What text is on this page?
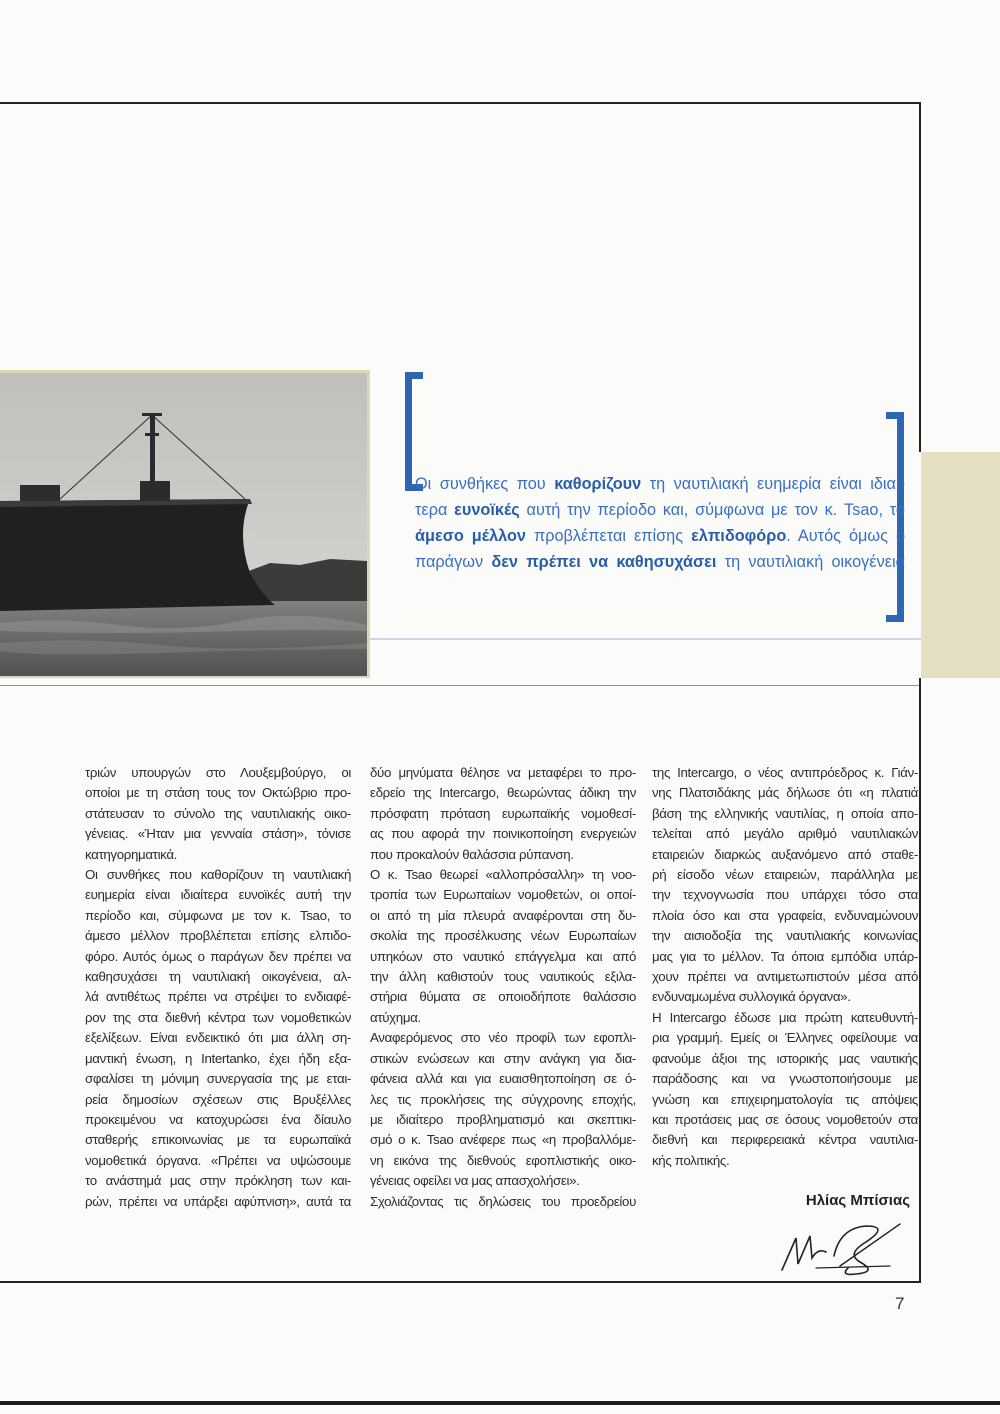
Οι συνθήκες που καθορίζουν τη ναυτιλιακή ευημερία είναι ιδιαί-
τερα ευνοϊκές αυτή την περίοδο και, σύμφωνα με τον κ. Tsao, το
άμεσο μέλλον προβλέπεται επίσης ελπιδοφόρο. Αυτός όμως ο
παράγων δεν πρέπει να καθησυχάσει τη ναυτιλιακή οικογένεια
τριών υπουργών στο Λουξεμβούργο, οι
οποίοι με τη στάση τους τον Οκτώβριο προ-
στάτευσαν το σύνολο της ναυτιλιακής οικο-
γένειας. «Ήταν μια γενναία στάση», τόνισε
κατηγορηματικά.
Οι συνθήκες που καθορίζουν τη ναυτιλιακή
ευημερία είναι ιδιαίτερα ευνοϊκές αυτή την
περίοδο και, σύμφωνα με τον κ. Tsao, το
άμεσο μέλλον προβλέπεται επίσης ελπιδο-
φόρο. Αυτός όμως ο παράγων δεν πρέπει να
καθησυχάσει τη ναυτιλιακή οικογένεια, αλ-
λά αντιθέτως πρέπει να στρέψει το ενδιαφέ-
ρον της στα διεθνή κέντρα των νομοθετικών
εξελίξεων. Είναι ενδεικτικό ότι μια άλλη ση-
μαντική ένωση, η Intertanko, έχει ήδη εξα-
σφαλίσει τη μόνιμη συνεργασία της με εται-
ρεία δημοσίων σχέσεων στις Βρυξέλλες
προκειμένου να κατοχυρώσει ένα δίαυλο
σταθερής επικοινωνίας με τα ευρωπαϊκά
νομοθετικά όργανα. «Πρέπει να υψώσουμε
το ανάστημά μας στην πρόκληση των και-
ρών, πρέπει να υπάρξει αφύπνιση», αυτά τα
δύο μηνύματα θέλησε να μεταφέρει το προ-
εδρείο της Intercargo, θεωρώντας άδικη την
πρόσφατη πρόταση ευρωπαϊκής νομοθεσί-
ας που αφορά την ποινικοποίηση ενεργειών
που προκαλούν θαλάσσια ρύπανση.
Ο κ. Tsao θεωρεί «αλλοπρόσαλλη» τη νοο-
τροπία των Ευρωπαίων νομοθετών, οι οποί-
οι από τη μία πλευρά αναφέρονται στη δυ-
σκολία της προσέλκυσης νέων Ευρωπαίων
υπηκόων στο ναυτικό επάγγελμα και από
την άλλη καθιστούν τους ναυτικούς εξιλα-
στήρια θύματα σε οποιοδήποτε θαλάσσιο
ατύχημα.
Αναφερόμενος στο νέο προφίλ των εφοπλι-
στικών ενώσεων και στην ανάγκη για δια-
φάνεια αλλά και για ευαισθητοποίηση σε ό-
λες τις προκλήσεις της σύγχρονης εποχής,
με ιδιαίτερο προβληματισμό και σκεπτικι-
σμό ο κ. Tsao ανέφερε πως «η προβαλλόμε-
νη εικόνα της διεθνούς εφοπλιστικής οικο-
γένειας οφείλει να μας απασχολήσει».
Σχολιάζοντας τις δηλώσεις του προεδρείου
της Intercargo, ο νέος αντιπρόεδρος κ. Γιάν-
νης Πλατσιδάκης μάς δήλωσε ότι «η πλατιά
βάση της ελληνικής ναυτιλίας, η οποία απο-
τελείται από μεγάλο αριθμό ναυτιλιακών
εταιρειών διαρκώς αυξανόμενο από σταθε-
ρή είσοδο νέων εταιρειών, παράλληλα με
την τεχνογνωσία που υπάρχει τόσο στα
πλοία όσο και στα γραφεία, ενδυναμώνουν
την αισιοδοξία της ναυτιλιακής κοινωνίας
μας για το μέλλον. Τα όποια εμπόδια υπάρ-
χουν πρέπει να αντιμετωπιστούν μέσα από
ενδυναμωμένα συλλογικά όργανα».
Η Intercargo έδωσε μια πρώτη κατευθυντή-
ρια γραμμή. Εμείς οι Έλληνες οφείλουμε να
φανούμε άξιοι της ιστορικής μας ναυτικής
παράδοσης και να γνωστοποιήσουμε με
γνώση και επιχειρηματολογία τις απόψεις
και προτάσεις μας σε όσους νομοθετούν στα
διεθνή και περιφερειακά κέντρα ναυτιλια-
κής πολιτικής.
Ηλίας Μπίσιας
7
